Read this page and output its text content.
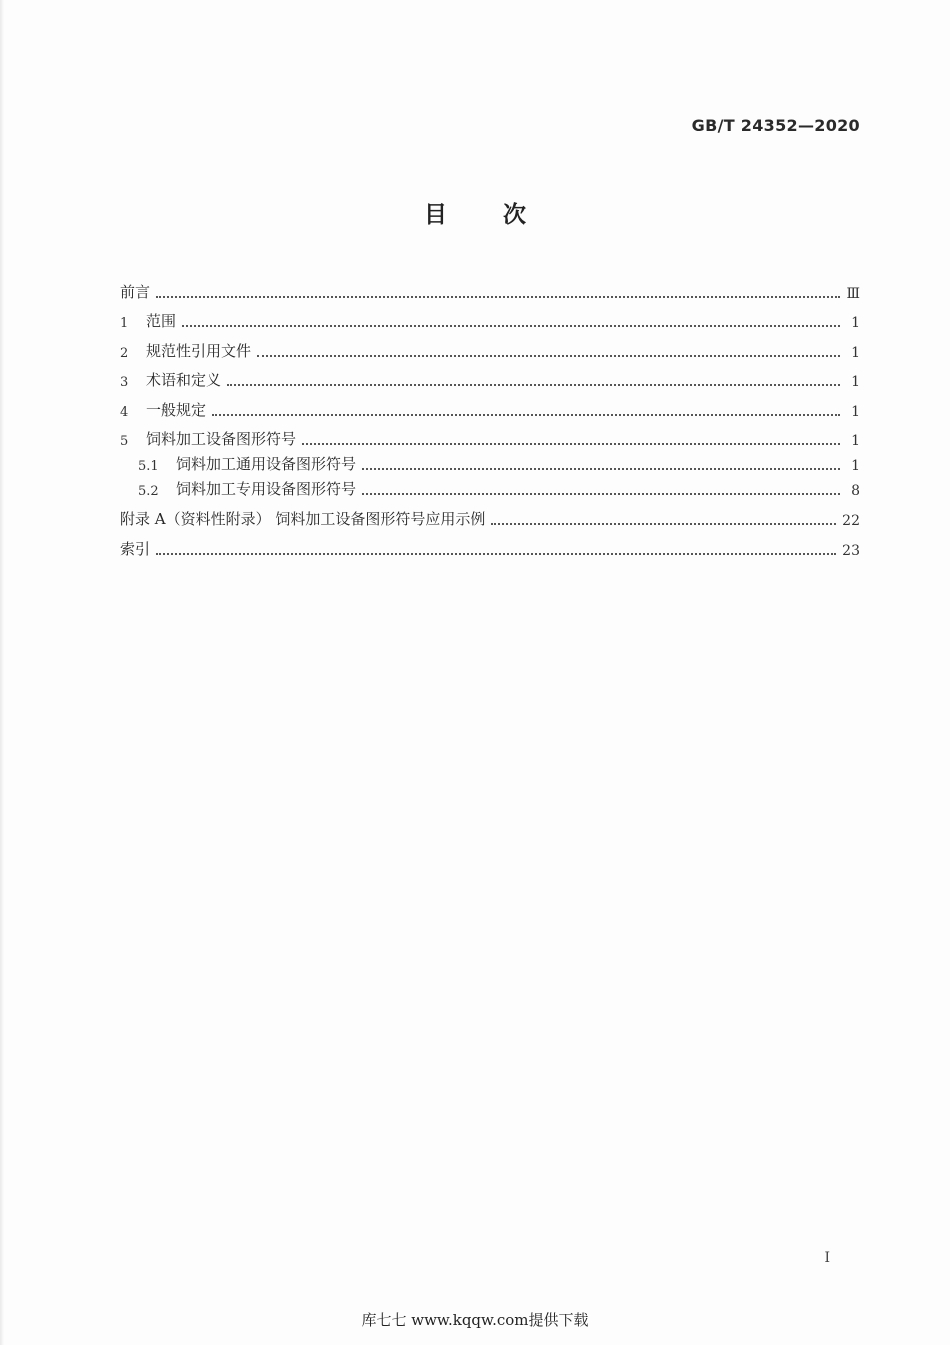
GB/T 24352—2020
目 次
前言	Ⅲ
1	范围	1
2	规范性引用文件	1
3	术语和定义	1
4	一般规定	1
5	饲料加工设备图形符号	1
5.1	饲料加工通用设备图形符号	1
5.2	饲料加工专用设备图形符号	8
附录 A（资料性附录） 饲料加工设备图形符号应用示例	22
索引	23
I
库七七 www.kqqw.com提供下载
